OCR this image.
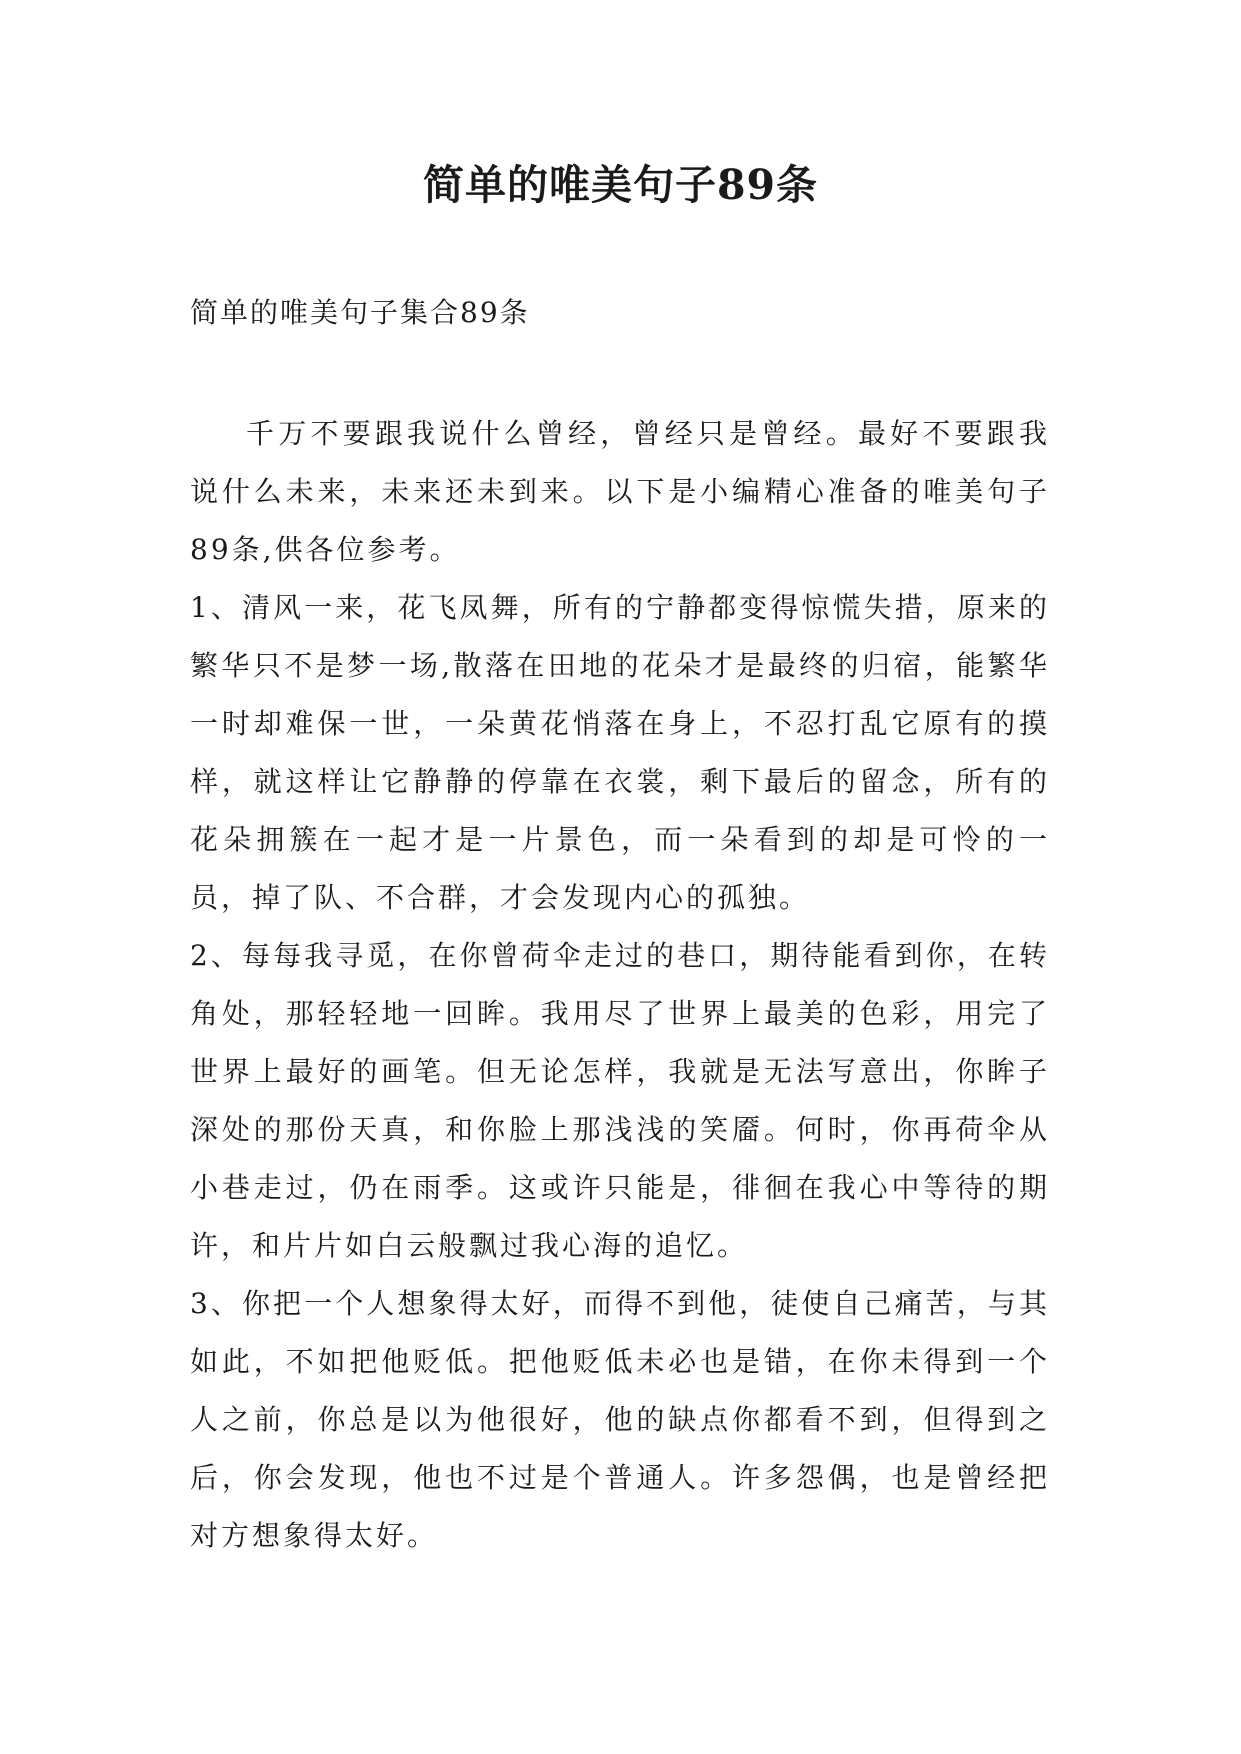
简单的唯美句子89条

简单的唯美句子集合89条

千万不要跟我说什么曾经，曾经只是曾经。最好不要跟我说什么未来，未来还未到来。以下是小编精心准备的唯美句子89条,供各位参考。

1、清风一来，花飞凤舞，所有的宁静都变得惊慌失措，原来的繁华只不是梦一场,散落在田地的花朵才是最终的归宿，能繁华一时却难保一世，一朵黄花悄落在身上，不忍打乱它原有的摸样，就这样让它静静的停靠在衣裳，剩下最后的留念，所有的花朵拥簇在一起才是一片景色，而一朵看到的却是可怜的一员，掉了队、不合群，才会发现内心的孤独。

2、每每我寻觅，在你曾荷伞走过的巷口，期待能看到你，在转角处，那轻轻地一回眸。我用尽了世界上最美的色彩，用完了世界上最好的画笔。但无论怎样，我就是无法写意出，你眸子深处的那份天真，和你脸上那浅浅的笑靥。何时，你再荷伞从小巷走过，仍在雨季。这或许只能是，徘徊在我心中等待的期许，和片片如白云般飘过我心海的追忆。

3、你把一个人想象得太好，而得不到他，徒使自己痛苦，与其如此，不如把他贬低。把他贬低未必也是错，在你未得到一个人之前，你总是以为他很好，他的缺点你都看不到，但得到之后，你会发现，他也不过是个普通人。许多怨偶，也是曾经把对方想象得太好。
